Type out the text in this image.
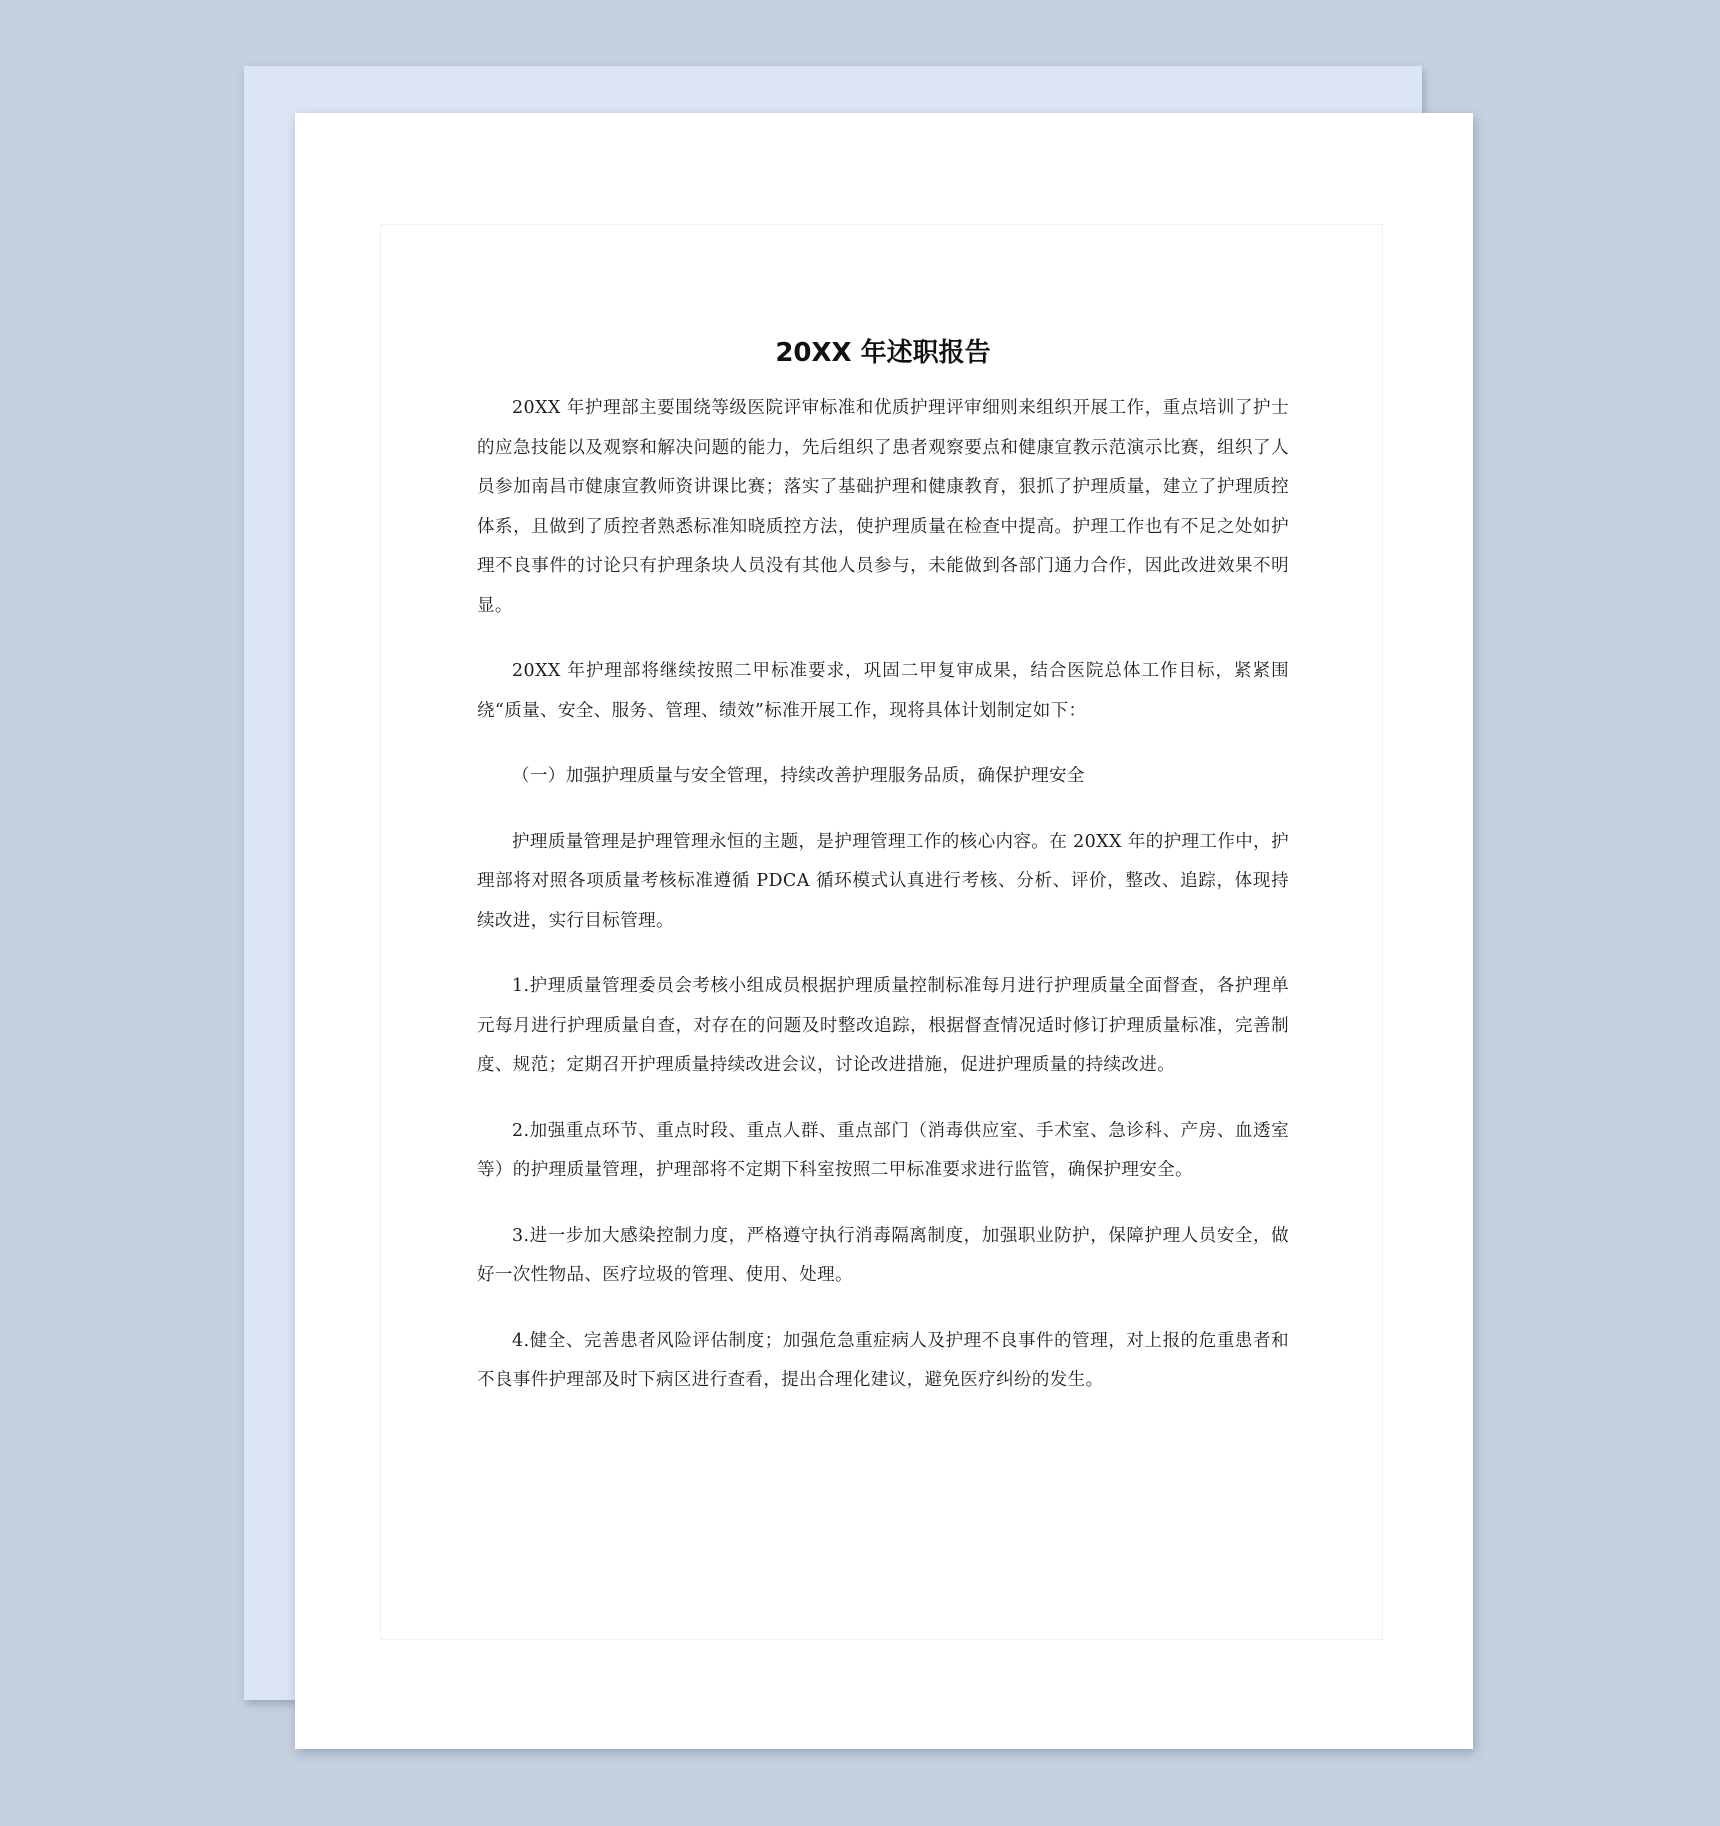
20XX 年述职报告

20XX 年护理部主要围绕等级医院评审标准和优质护理评审细则来组织开展工作，重点培训了护士的应急技能以及观察和解决问题的能力，先后组织了患者观察要点和健康宣教示范演示比赛，组织了人员参加南昌市健康宣教师资讲课比赛；落实了基础护理和健康教育，狠抓了护理质量，建立了护理质控体系，且做到了质控者熟悉标准知晓质控方法，使护理质量在检查中提高。护理工作也有不足之处如护理不良事件的讨论只有护理条块人员没有其他人员参与，未能做到各部门通力合作，因此改进效果不明显。

20XX 年护理部将继续按照二甲标准要求，巩固二甲复审成果，结合医院总体工作目标，紧紧围绕“质量、安全、服务、管理、绩效”标准开展工作，现将具体计划制定如下：

（一）加强护理质量与安全管理，持续改善护理服务品质，确保护理安全

护理质量管理是护理管理永恒的主题，是护理管理工作的核心内容。在 20XX 年的护理工作中，护理部将对照各项质量考核标准遵循 PDCA 循环模式认真进行考核、分析、评价，整改、追踪，体现持续改进，实行目标管理。

1.护理质量管理委员会考核小组成员根据护理质量控制标准每月进行护理质量全面督查，各护理单元每月进行护理质量自查，对存在的问题及时整改追踪，根据督查情况适时修订护理质量标准，完善制度、规范；定期召开护理质量持续改进会议，讨论改进措施，促进护理质量的持续改进。

2.加强重点环节、重点时段、重点人群、重点部门（消毒供应室、手术室、急诊科、产房、血透室等）的护理质量管理，护理部将不定期下科室按照二甲标准要求进行监管，确保护理安全。

3.进一步加大感染控制力度，严格遵守执行消毒隔离制度，加强职业防护，保障护理人员安全，做好一次性物品、医疗垃圾的管理、使用、处理。

4.健全、完善患者风险评估制度；加强危急重症病人及护理不良事件的管理，对上报的危重患者和不良事件护理部及时下病区进行查看，提出合理化建议，避免医疗纠纷的发生。
